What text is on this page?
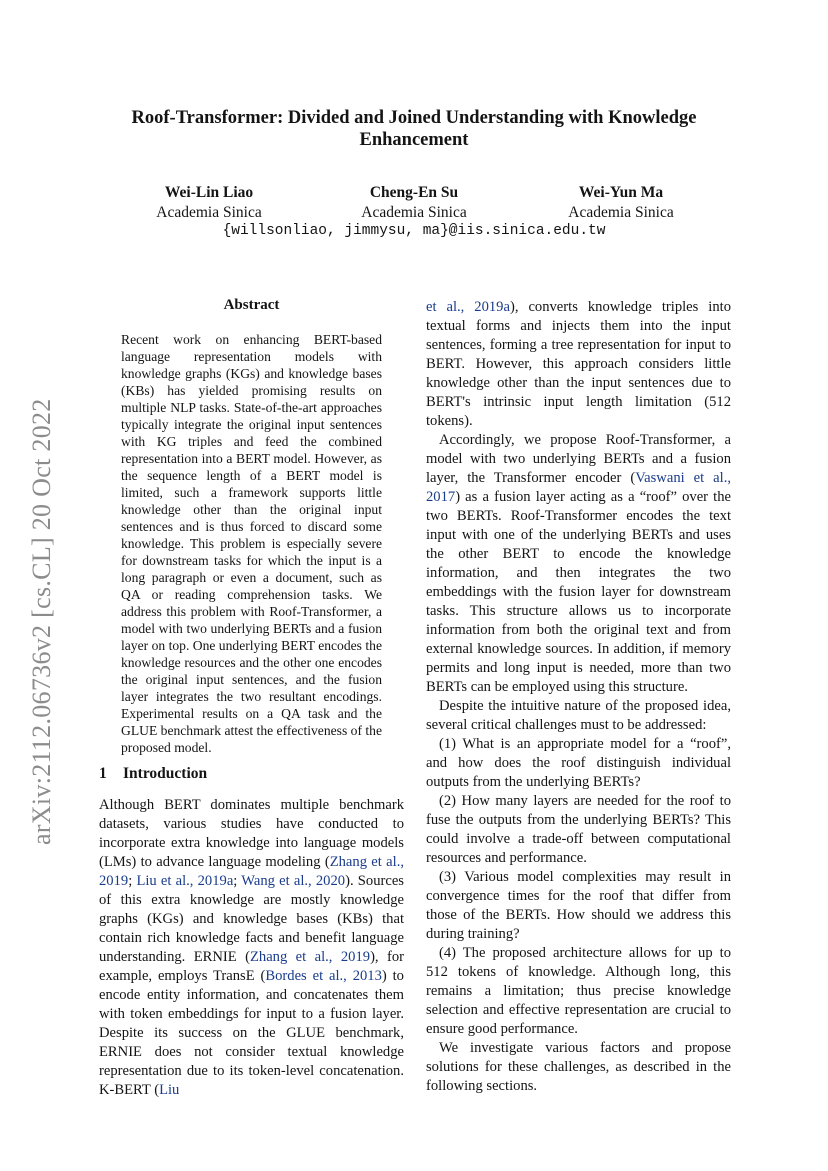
arXiv:2112.06736v2 [cs.CL] 20 Oct 2022
Roof-Transformer: Divided and Joined Understanding with Knowledge Enhancement
Wei-Lin Liao
Academia Sinica
Cheng-En Su
Academia Sinica
Wei-Yun Ma
Academia Sinica
{willsonliao, jimmysu, ma}@iis.sinica.edu.tw
Abstract
Recent work on enhancing BERT-based language representation models with knowledge graphs (KGs) and knowledge bases (KBs) has yielded promising results on multiple NLP tasks. State-of-the-art approaches typically integrate the original input sentences with KG triples and feed the combined representation into a BERT model. However, as the sequence length of a BERT model is limited, such a framework supports little knowledge other than the original input sentences and is thus forced to discard some knowledge. This problem is especially severe for downstream tasks for which the input is a long paragraph or even a document, such as QA or reading comprehension tasks. We address this problem with Roof-Transformer, a model with two underlying BERTs and a fusion layer on top. One underlying BERT encodes the knowledge resources and the other one encodes the original input sentences, and the fusion layer integrates the two resultant encodings. Experimental results on a QA task and the GLUE benchmark attest the effectiveness of the proposed model.
1 Introduction

Although BERT dominates multiple benchmark datasets, various studies have conducted to incorporate extra knowledge into language models (LMs) to advance language modeling (Zhang et al., 2019; Liu et al., 2019a; Wang et al., 2020). Sources of this extra knowledge are mostly knowledge graphs (KGs) and knowledge bases (KBs) that contain rich knowledge facts and benefit language understanding. ERNIE (Zhang et al., 2019), for example, employs TransE (Bordes et al., 2013) to encode entity information, and concatenates them with token embeddings for input to a fusion layer. Despite its success on the GLUE benchmark, ERNIE does not consider textual knowledge representation due to its token-level concatenation. K-BERT (Liu

et al., 2019a), converts knowledge triples into textual forms and injects them into the input sentences, forming a tree representation for input to BERT. However, this approach considers little knowledge other than the input sentences due to BERT's intrinsic input length limitation (512 tokens).

Accordingly, we propose Roof-Transformer, a model with two underlying BERTs and a fusion layer, the Transformer encoder (Vaswani et al., 2017) as a fusion layer acting as a “roof” over the two BERTs. Roof-Transformer encodes the text input with one of the underlying BERTs and uses the other BERT to encode the knowledge information, and then integrates the two embeddings with the fusion layer for downstream tasks. This structure allows us to incorporate information from both the original text and from external knowledge sources. In addition, if memory permits and long input is needed, more than two BERTs can be employed using this structure.

Despite the intuitive nature of the proposed idea, several critical challenges must to be addressed:

(1) What is an appropriate model for a “roof”, and how does the roof distinguish individual outputs from the underlying BERTs?

(2) How many layers are needed for the roof to fuse the outputs from the underlying BERTs? This could involve a trade-off between computational resources and performance.

(3) Various model complexities may result in convergence times for the roof that differ from those of the BERTs. How should we address this during training?

(4) The proposed architecture allows for up to 512 tokens of knowledge. Although long, this remains a limitation; thus precise knowledge selection and effective representation are crucial to ensure good performance.

We investigate various factors and propose solutions for these challenges, as described in the following sections.
